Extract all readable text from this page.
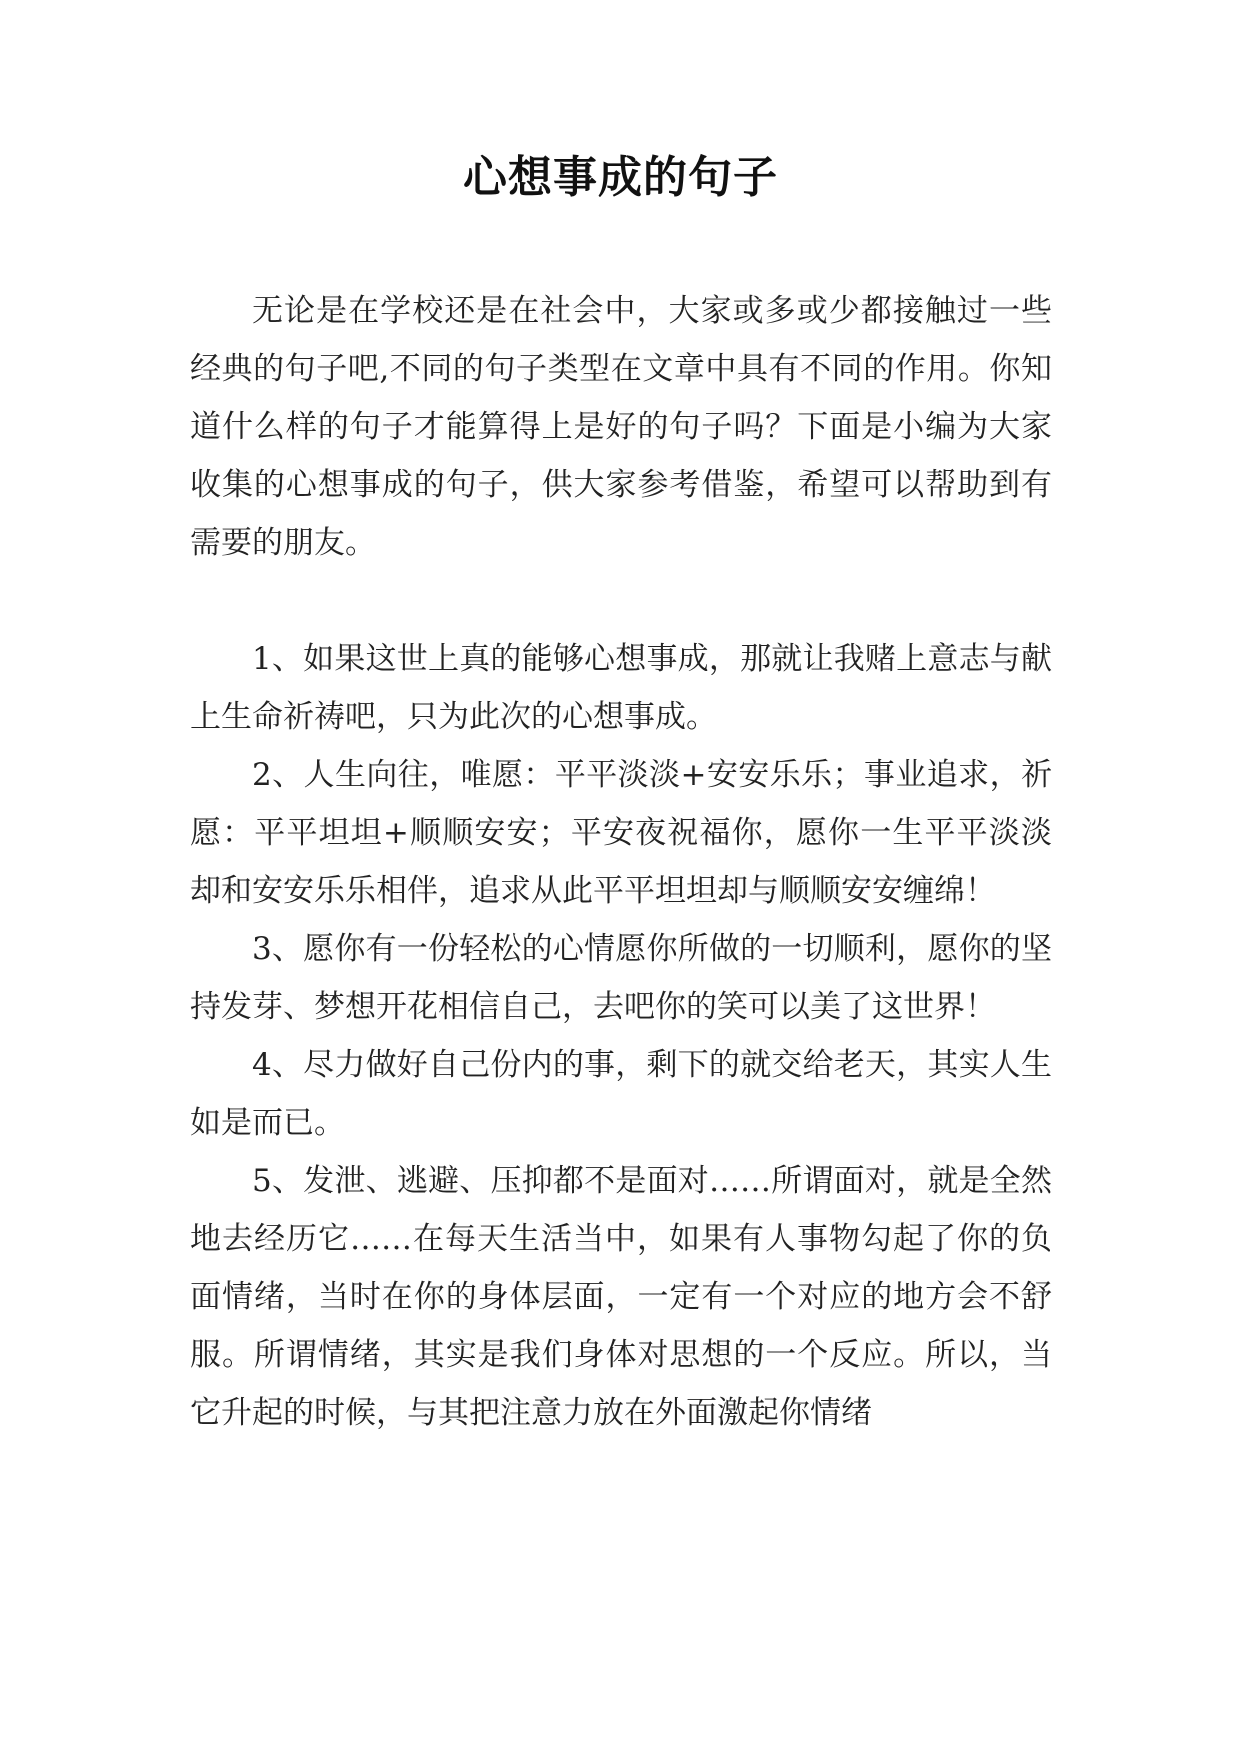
心想事成的句子

无论是在学校还是在社会中，大家或多或少都接触过一些经典的句子吧,不同的句子类型在文章中具有不同的作用。你知道什么样的句子才能算得上是好的句子吗？下面是小编为大家收集的心想事成的句子，供大家参考借鉴，希望可以帮助到有需要的朋友。

1、如果这世上真的能够心想事成，那就让我赌上意志与献上生命祈祷吧，只为此次的心想事成。

2、人生向往，唯愿：平平淡淡+安安乐乐；事业追求，祈愿：平平坦坦+顺顺安安；平安夜祝福你，愿你一生平平淡淡却和安安乐乐相伴，追求从此平平坦坦却与顺顺安安缠绵！

3、愿你有一份轻松的心情愿你所做的一切顺利，愿你的坚持发芽、梦想开花相信自己，去吧你的笑可以美了这世界！

4、尽力做好自己份内的事，剩下的就交给老天，其实人生如是而已。

5、发泄、逃避、压抑都不是面对……所谓面对，就是全然地去经历它……在每天生活当中，如果有人事物勾起了你的负面情绪，当时在你的身体层面，一定有一个对应的地方会不舒服。所谓情绪，其实是我们身体对思想的一个反应。所以，当它升起的时候，与其把注意力放在外面激起你情绪
